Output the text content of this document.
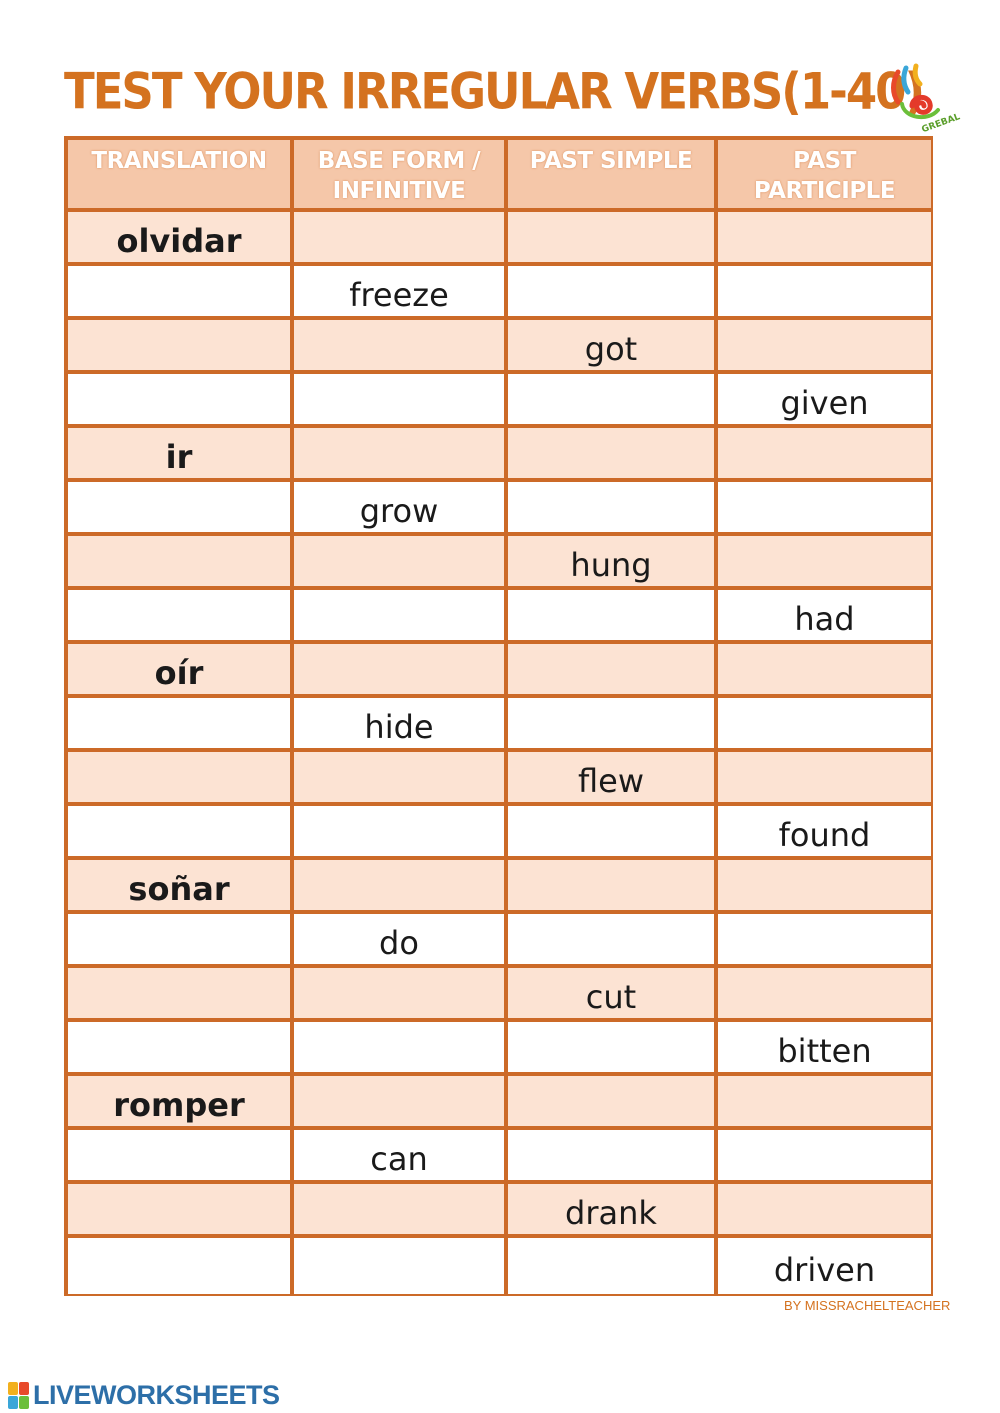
TEST YOUR IRREGULAR VERBS(1-40)
GREBAL
TRANSLATION	BASE FORM / INFINITIVE
PAST SIMPLE	PAST PARTICIPLE
olvidar
freeze
got
given
ir
grow
hung
had
oír
hide
flew
found
soñar
do
cut
bitten
romper
can
drank
driven
BY MISSRACHELTEACHER
LIVEWORKSHEETS
